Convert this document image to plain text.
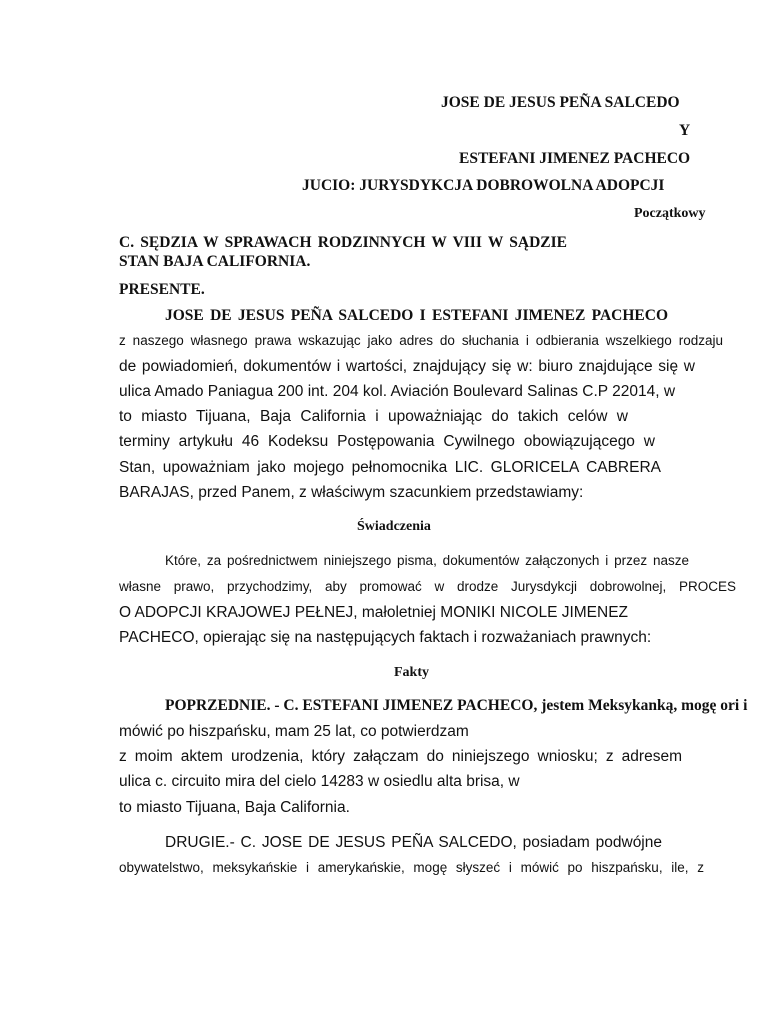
JOSE DE JESUS PEÑA SALCEDO
Y
ESTEFANI JIMENEZ PACHECO
JUCIO: JURYSDYKCJA DOBROWOLNA ADOPCJI
Początkowy
C. SĘDZIA W SPRAWACH RODZINNYCH W VIII W SĄDZIE
STAN BAJA CALIFORNIA.
PRESENTE.
JOSE DE JESUS PEÑA SALCEDO I ESTEFANI JIMENEZ PACHECO
z naszego własnego prawa wskazując jako adres do słuchania i odbierania wszelkiego rodzaju
de powiadomień, dokumentów i wartości, znajdujący się w: biuro znajdujące się w
ulica Amado Paniagua 200 int. 204 kol. Aviación Boulevard Salinas C.P 22014, w
to miasto Tijuana, Baja California i upoważniając do takich celów w
terminy artykułu 46 Kodeksu Postępowania Cywilnego obowiązującego w
Stan, upoważniam jako mojego pełnomocnika LIC. GLORICELA CABRERA
BARAJAS, przed Panem, z właściwym szacunkiem przedstawiamy:
Świadczenia
Które, za pośrednictwem niniejszego pisma, dokumentów załączonych i przez nasze
własne prawo, przychodzimy, aby promować w drodze Jurysdykcji dobrowolnej, PROCES
O ADOPCJI KRAJOWEJ PEŁNEJ, małoletniej MONIKI NICOLE JIMENEZ
PACHECO, opierając się na następujących faktach i rozważaniach prawnych:
Fakty
POPRZEDNIE. - C. ESTEFANI JIMENEZ PACHECO, jestem Meksykanką, mogę ori i
mówić po hiszpańsku, mam 25 lat, co potwierdzam
z moim aktem urodzenia, który załączam do niniejszego wniosku; z adresem
ulica c. circuito mira del cielo 14283 w osiedlu alta brisa, w
to miasto Tijuana, Baja California.
DRUGIE.- C. JOSE DE JESUS PEÑA SALCEDO, posiadam podwójne
obywatelstwo, meksykańskie i amerykańskie, mogę słyszeć i mówić po hiszpańsku, ile, z
